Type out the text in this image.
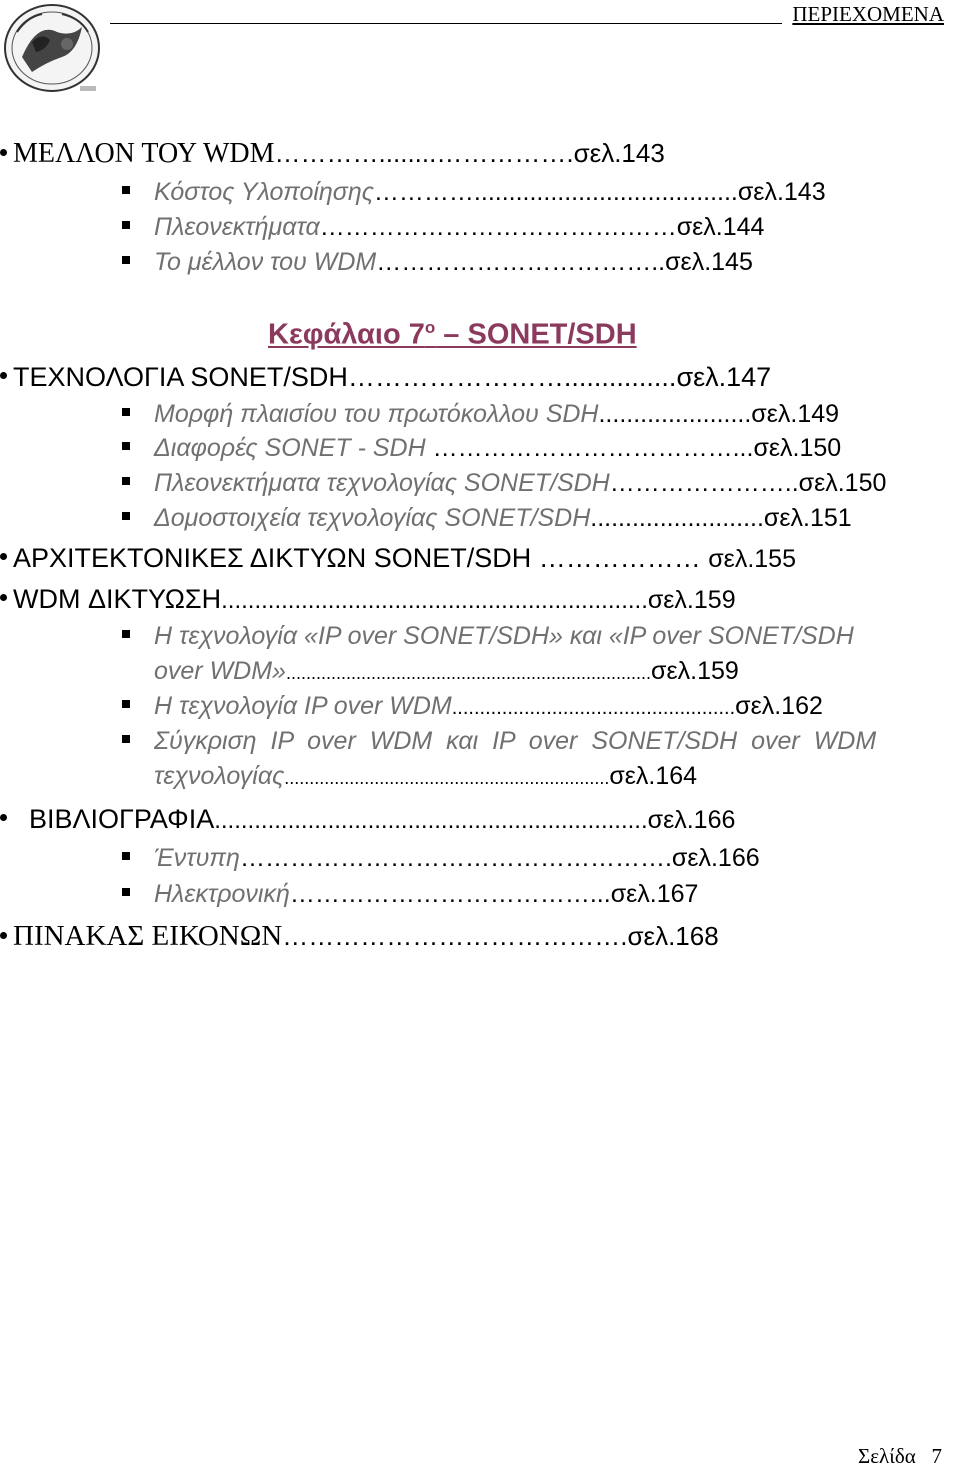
ΠΕΡΙΕΧΟΜΕΝΑ
ΜΕΛΛΟΝ ΤΟΥ WDM…………........…………….σελ.143
Κόστος Υλοποίησης…………......................................σελ.143
Πλεονεκτήματα……………………………….……σελ.144
Το μέλλον του WDM……………………………..σελ.145
Κεφάλαιο $7^o$ – SONET/SDH
ΤΕΧΝΟΛΟΓΙΑ SONET/SDH……………………...............σελ.147
Μορφή πλαισίου του πρωτόκολλου SDH......................σελ.149
Διαφορές SONET - SDH ………………………………...σελ.150
Πλεονεκτήματα τεχνολογίας SONET/SDH…………………..σελ.150
Δομοστοιχεία τεχνολογίας SONET/SDH.........................σελ.151
ΑΡΧΙΤΕΚΤΟΝΙΚΕΣ ΔΙΚΤΥΩΝ SONET/SDH ……………… σελ.155
WDM ΔΙΚΤΥΩΣΗ................................................................σελ.159
Η τεχνολογία «IP over SONET/SDH» και «IP over SONET/SDH
over WDM».........................................................................σελ.159
Η τεχνολογία IP over WDM...................................................σελ.162
Σύγκριση IP over WDM και IP over SONET/SDH over WDM
τεχνολογίας.................................................................σελ.164
ΒΙΒΛΙΟΓΡΑΦΙΑ.................................................................σελ.166
Έντυπη…………………………………………….σελ.166
Ηλεκτρονική………………………………...σελ.167
ΠΙΝΑΚΑΣ ΕΙΚΟΝΩΝ………………………………….σελ.168
Σελίδα 7
